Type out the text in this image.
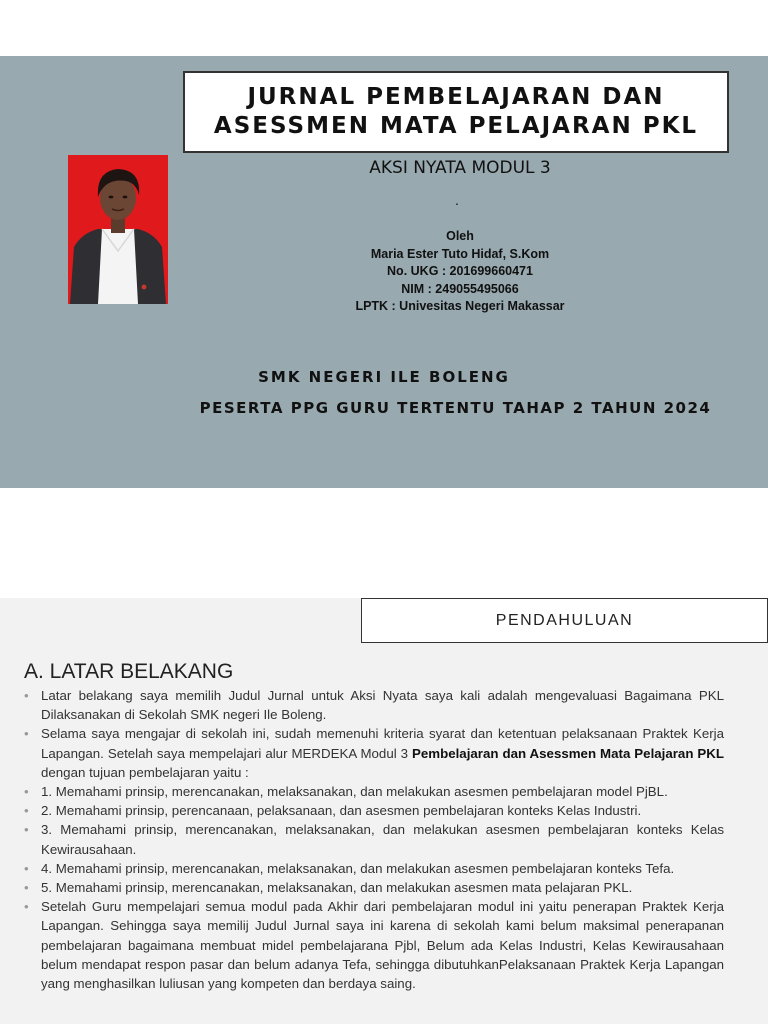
JURNAL PEMBELAJARAN DAN
ASESSMEN MATA PELAJARAN PKL
AKSI NYATA MODUL 3
.
Oleh
Maria Ester Tuto Hidaf, S.Kom
No. UKG : 201699660471
NIM : 249055495066
LPTK : Univesitas Negeri Makassar
SMK NEGERI ILE BOLENG
PESERTA PPG GURU TERTENTU TAHAP 2 TAHUN 2024
PENDAHULUAN
A. LATAR BELAKANG
• Latar belakang saya memilih Judul Jurnal untuk Aksi Nyata saya kali adalah mengevaluasi Bagaimana PKL Dilaksanakan di Sekolah SMK negeri Ile Boleng.
• Selama saya mengajar di sekolah ini, sudah memenuhi kriteria syarat dan ketentuan pelaksanaan Praktek Kerja Lapangan. Setelah saya mempelajari alur MERDEKA Modul 3 Pembelajaran dan Asessmen Mata Pelajaran PKL dengan tujuan pembelajaran yaitu :
• 1. Memahami prinsip, merencanakan, melaksanakan, dan melakukan asesmen pembelajaran model PjBL.
• 2. Memahami prinsip, perencanaan, pelaksanaan, dan asesmen pembelajaran konteks Kelas Industri.
• 3. Memahami prinsip, merencanakan, melaksanakan, dan melakukan asesmen pembelajaran konteks Kelas Kewirausahaan.
• 4. Memahami prinsip, merencanakan, melaksanakan, dan melakukan asesmen pembelajaran konteks Tefa.
• 5. Memahami prinsip, merencanakan, melaksanakan, dan melakukan asesmen mata pelajaran PKL.
• Setelah Guru mempelajari semua modul pada Akhir dari pembelajaran modul ini yaitu penerapan Praktek Kerja Lapangan. Sehingga saya memilij Judul Jurnal saya ini karena di sekolah kami belum maksimal penerapanan pembelajaran bagaimana membuat midel pembelajarana Pjbl, Belum ada Kelas Industri, Kelas Kewirausahaan belum mendapat respon pasar dan belum adanya Tefa, sehingga dibutuhkanPelaksanaan Praktek Kerja Lapangan yang menghasilkan luliusan yang kompeten dan berdaya saing.
